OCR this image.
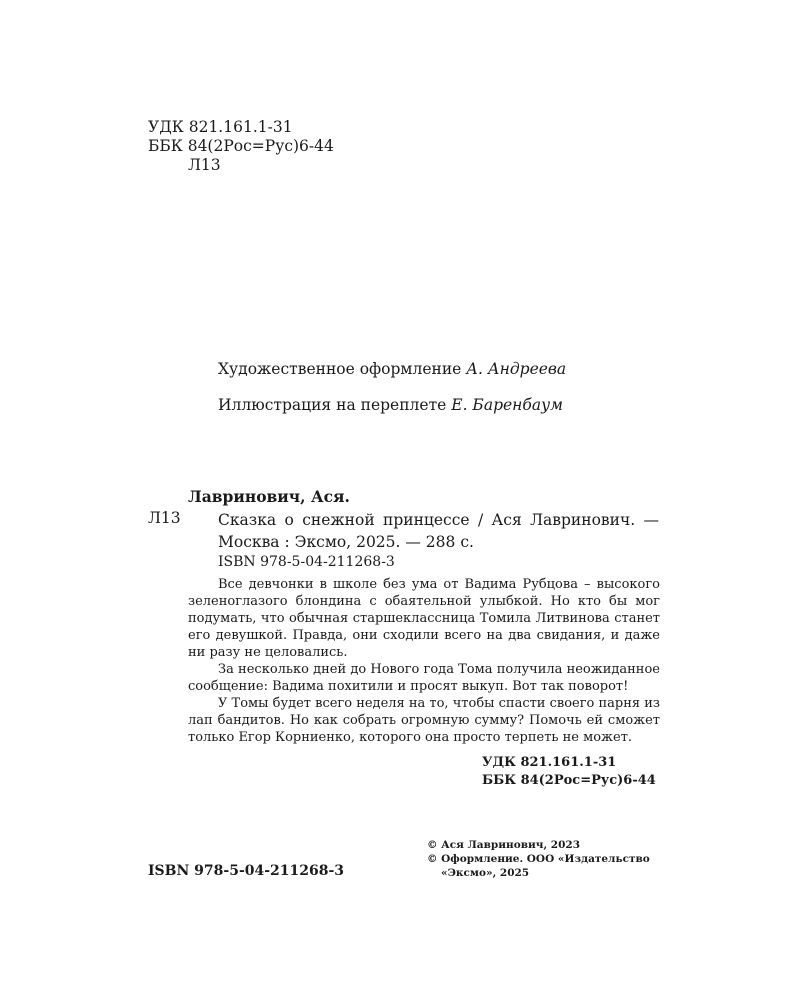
УДК 821.161.1-31
ББК 84(2Рос=Рус)6-44
Л13
Художественное оформление А. Андреева
Иллюстрация на переплете Е. Баренбаум
Лавринович, Ася.
Л13 Сказка о снежной принцессе / Ася Лавринович. — Москва : Эксмо, 2025. — 288 с.
ISBN 978-5-04-211268-3

Все девчонки в школе без ума от Вадима Рубцова – высокого зеленоглазого блондина с обаятельной улыбкой. Но кто бы мог подумать, что обычная старшеклассница Томила Литвинова станет его девушкой. Правда, они сходили всего на два свидания, и даже ни разу не целовались.

За несколько дней до Нового года Тома получила неожиданное сообщение: Вадима похитили и просят выкуп. Вот так поворот!

У Томы будет всего неделя на то, чтобы спасти своего парня из лап бандитов. Но как собрать огромную сумму? Помочь ей сможет только Егор Корниенко, которого она просто терпеть не может.

УДК 821.161.1-31
ББК 84(2Рос=Рус)6-44
ISBN 978-5-04-211268-3
© Ася Лавринович, 2023
© Оформление. ООО «Издательство
«Эксмо», 2025
